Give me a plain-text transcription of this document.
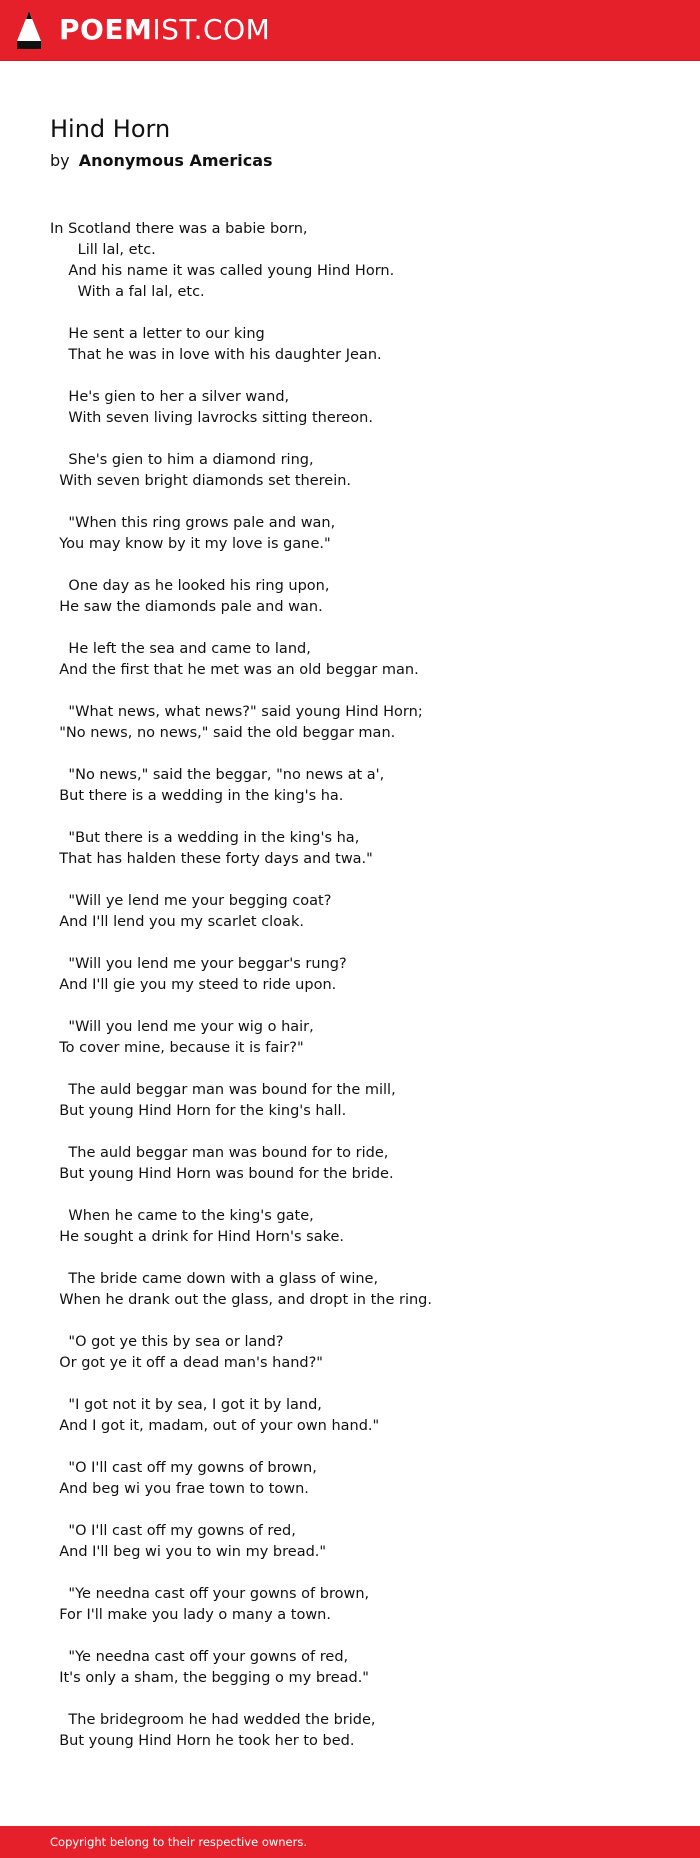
POEMIST.COM
Hind Horn
by Anonymous Americas
In Scotland there was a babie born,
Lill lal, etc.
And his name it was called young Hind Horn.
With a fal lal, etc.

He sent a letter to our king
That he was in love with his daughter Jean.

He's gien to her a silver wand,
With seven living lavrocks sitting thereon.

She's gien to him a diamond ring,
With seven bright diamonds set therein.

"When this ring grows pale and wan,
You may know by it my love is gane."

One day as he looked his ring upon,
He saw the diamonds pale and wan.

He left the sea and came to land,
And the first that he met was an old beggar man.

"What news, what news?" said young Hind Horn;
"No news, no news," said the old beggar man.

"No news," said the beggar, "no news at a',
But there is a wedding in the king's ha.

"But there is a wedding in the king's ha,
That has halden these forty days and twa."

"Will ye lend me your begging coat?
And I'll lend you my scarlet cloak.

"Will you lend me your beggar's rung?
And I'll gie you my steed to ride upon.

"Will you lend me your wig o hair,
To cover mine, because it is fair?"

The auld beggar man was bound for the mill,
But young Hind Horn for the king's hall.

The auld beggar man was bound for to ride,
But young Hind Horn was bound for the bride.

When he came to the king's gate,
He sought a drink for Hind Horn's sake.

The bride came down with a glass of wine,
When he drank out the glass, and dropt in the ring.

"O got ye this by sea or land?
Or got ye it off a dead man's hand?"

"I got not it by sea, I got it by land,
And I got it, madam, out of your own hand."

"O I'll cast off my gowns of brown,
And beg wi you frae town to town.

"O I'll cast off my gowns of red,
And I'll beg wi you to win my bread."

"Ye needna cast off your gowns of brown,
For I'll make you lady o many a town.

"Ye needna cast off your gowns of red,
It's only a sham, the begging o my bread."

The bridegroom he had wedded the bride,
But young Hind Horn he took her to bed.
Copyright belong to their respective owners.
